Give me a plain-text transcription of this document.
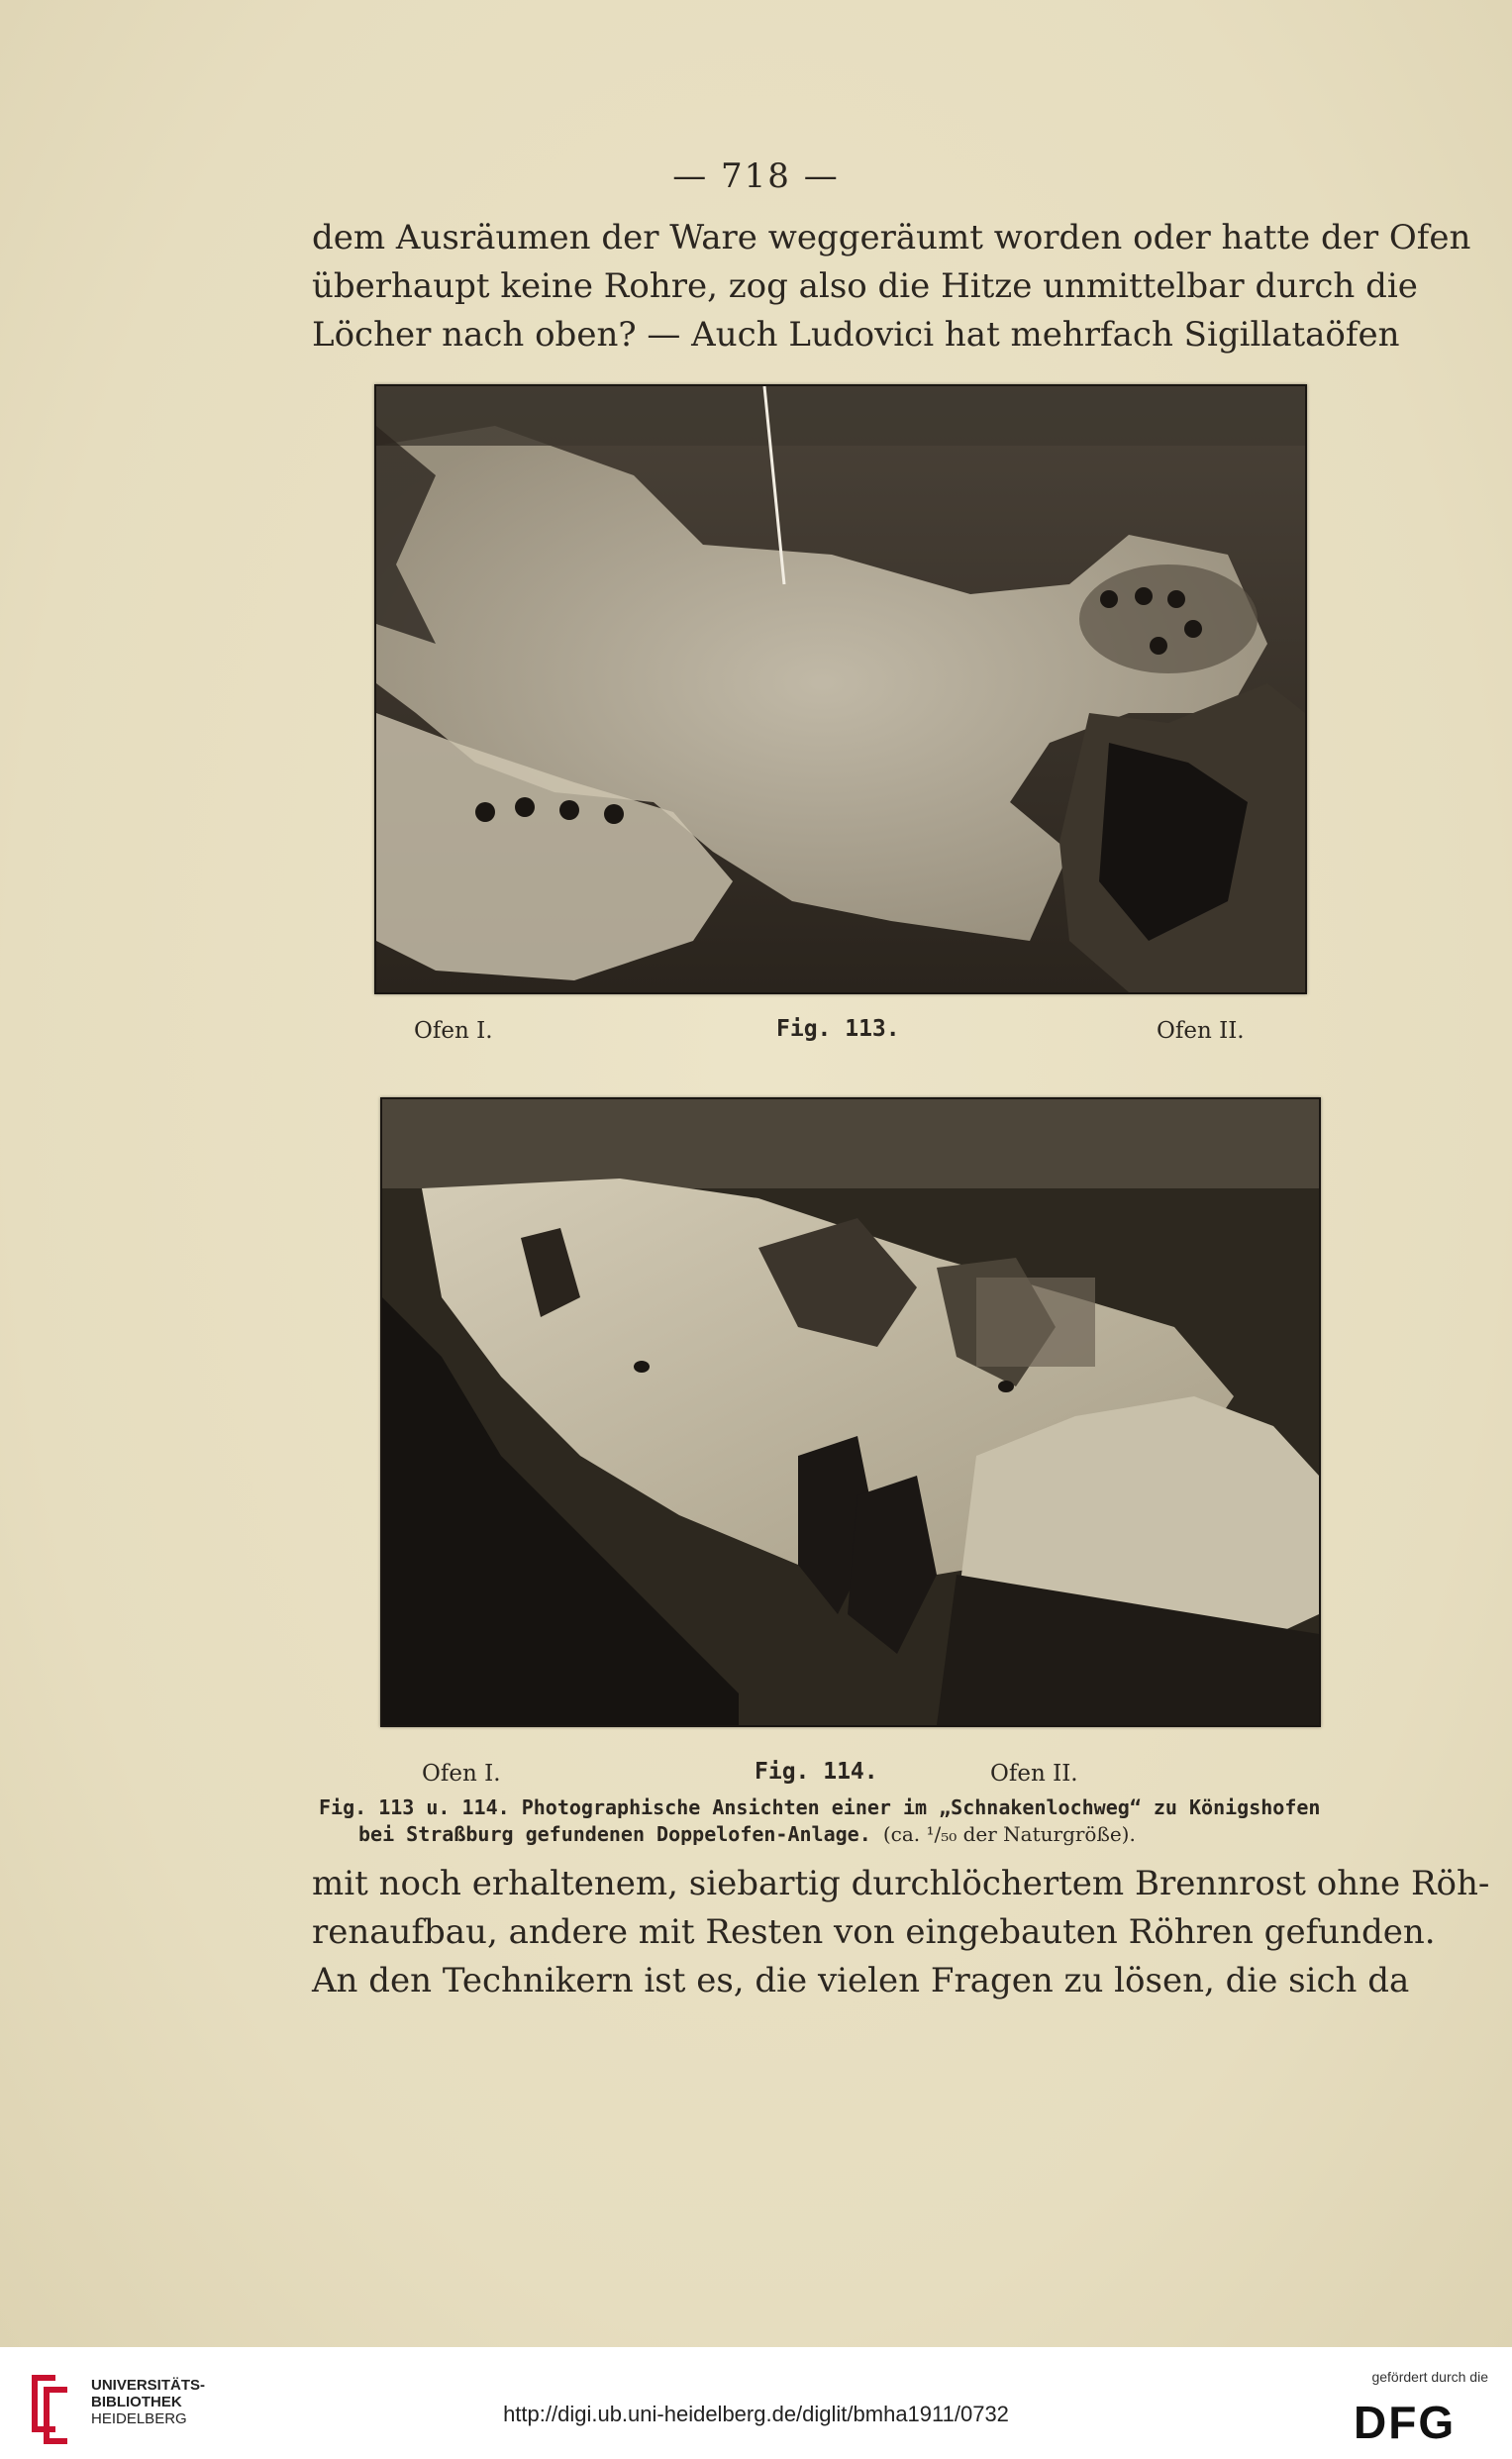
— 718 —
dem Ausräumen der Ware weggeräumt worden oder hatte der Ofen
überhaupt keine Rohre, zog also die Hitze unmittelbar durch die
Löcher nach oben? — Auch Ludovici hat mehrfach Sigillataöfen
Ofen I.	Fig. 113.	Ofen II.
Ofen I.	Fig. 114.	Ofen II.
Fig. 113 u. 114. Photographische Ansichten einer im „Schnakenlochweg“ zu Königshofen
bei Straßburg gefundenen Doppelofen-Anlage. (ca. ¹/₅₀ der Naturgröße).
mit noch erhaltenem, siebartig durchlöchertem Brennrost ohne Röh-
renaufbau, andere mit Resten von eingebauten Röhren gefunden.
An den Technikern ist es, die vielen Fragen zu lösen, die sich da
UNIVERSITÄTS-
BIBLIOTHEK
HEIDELBERG	http://digi.ub.uni-heidelberg.de/diglit/bmha1911/0732
gefördert durch die
DFG
